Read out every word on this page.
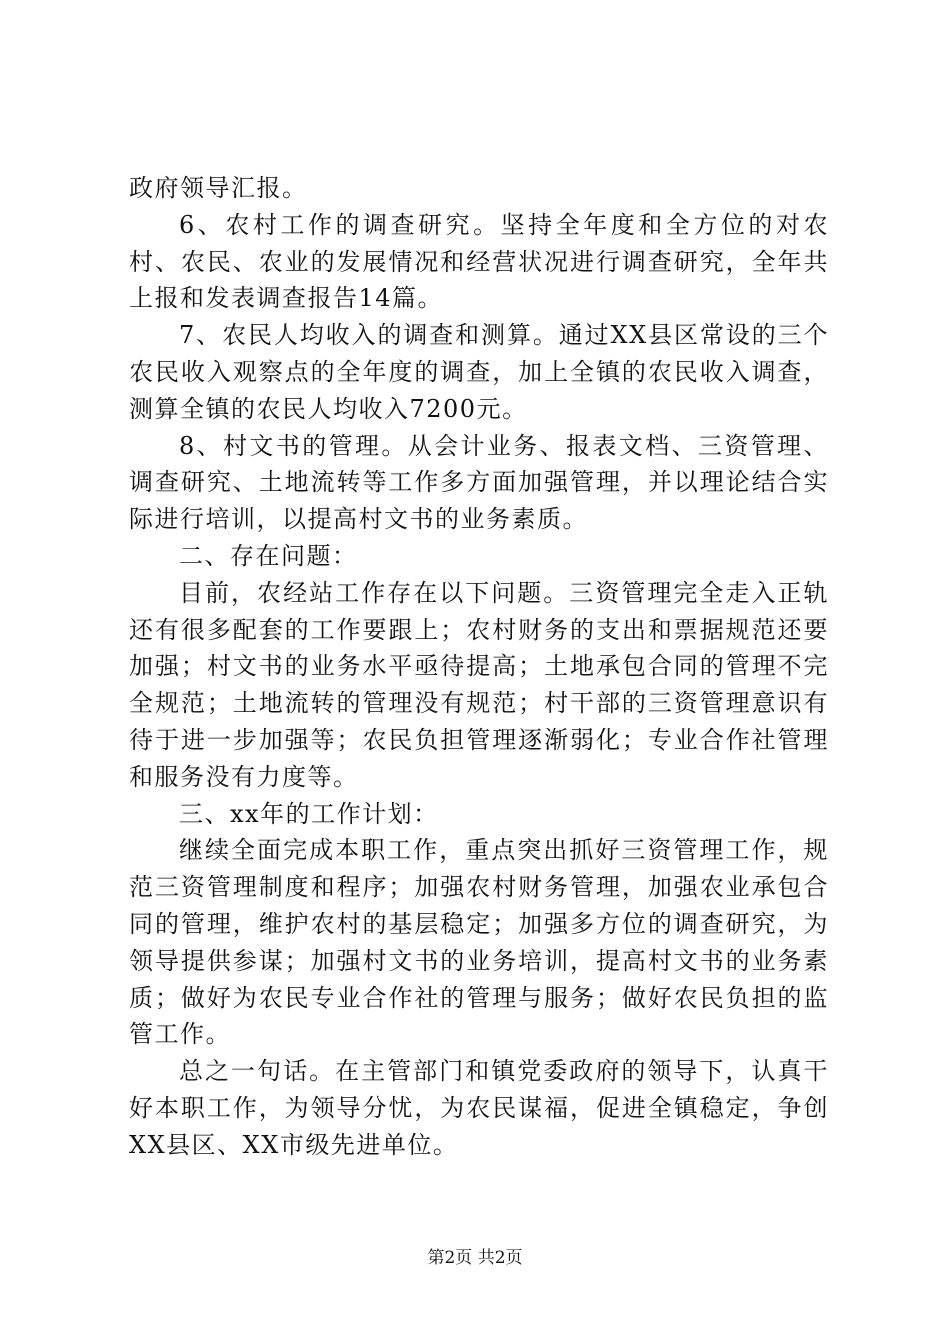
政府领导汇报。

6、农村工作的调查研究。坚持全年度和全方位的对农村、农民、农业的发展情况和经营状况进行调查研究，全年共上报和发表调查报告14篇。

7、农民人均收入的调查和测算。通过XX县区常设的三个农民收入观察点的全年度的调查，加上全镇的农民收入调查，测算全镇的农民人均收入7200元。

8、村文书的管理。从会计业务、报表文档、三资管理、调查研究、土地流转等工作多方面加强管理，并以理论结合实际进行培训，以提高村文书的业务素质。

二、存在问题：

目前，农经站工作存在以下问题。三资管理完全走入正轨还有很多配套的工作要跟上；农村财务的支出和票据规范还要加强；村文书的业务水平亟待提高；土地承包合同的管理不完全规范；土地流转的管理没有规范；村干部的三资管理意识有待于进一步加强等；农民负担管理逐渐弱化；专业合作社管理和服务没有力度等。

三、xx年的工作计划：

继续全面完成本职工作，重点突出抓好三资管理工作，规范三资管理制度和程序；加强农村财务管理，加强农业承包合同的管理，维护农村的基层稳定；加强多方位的调查研究，为领导提供参谋；加强村文书的业务培训，提高村文书的业务素质；做好为农民专业合作社的管理与服务；做好农民负担的监管工作。

总之一句话。在主管部门和镇党委政府的领导下，认真干好本职工作，为领导分忧，为农民谋福，促进全镇稳定，争创XX县区、XX市级先进单位。

第2页 共2页
